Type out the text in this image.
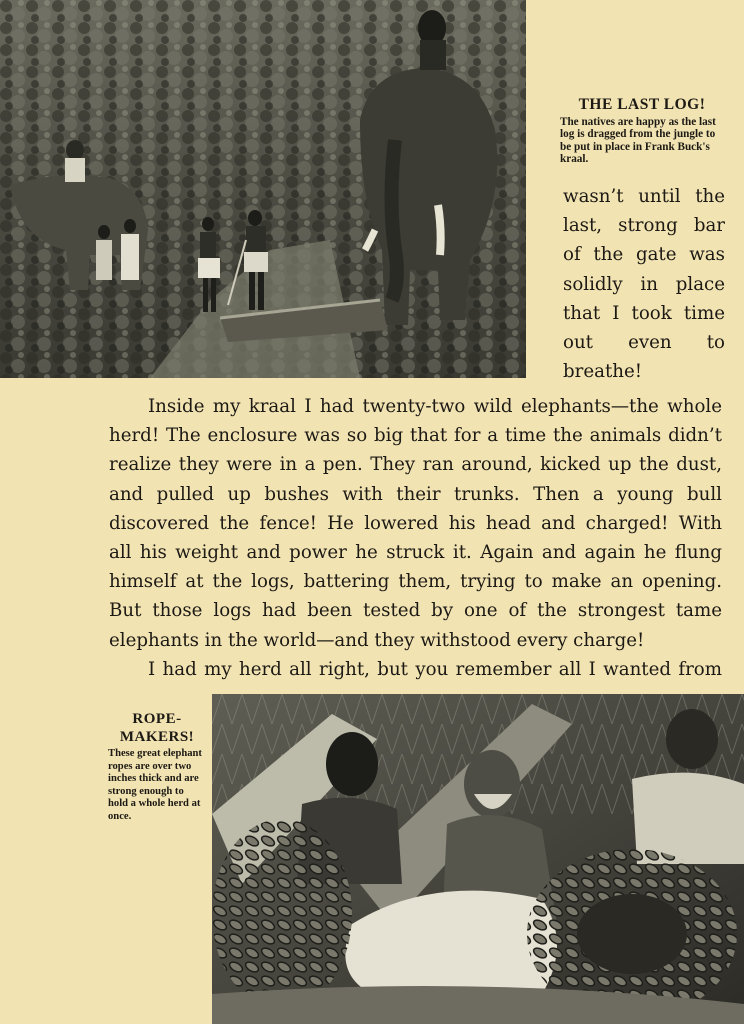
THE LAST LOG!

The natives are happy as the last log is dragged from the jungle to be put in place in Frank Buck's kraal.

wasn’t until the
last, strong bar
of the gate was
solidly in place
that I took time
out even to
breathe!
Inside my kraal I had twenty-two wild elephants—the whole
herd! The enclosure was so big that for a time the animals didn’t
realize they were in a pen. They ran around, kicked up the dust,
and pulled up bushes with their trunks. Then a young bull
discovered the fence! He lowered his head and charged! With
all his weight and power he struck it. Again and again he flung
himself at the logs, battering them, trying to make an opening.
But those logs had been tested by one of the strongest tame
elephants in the world—and they withstood every charge!
I had my herd all right, but you remember all I wanted from

ROPE-
MAKERS!

These great elephant ropes are over two inches thick and are strong enough to hold a whole herd at once.
